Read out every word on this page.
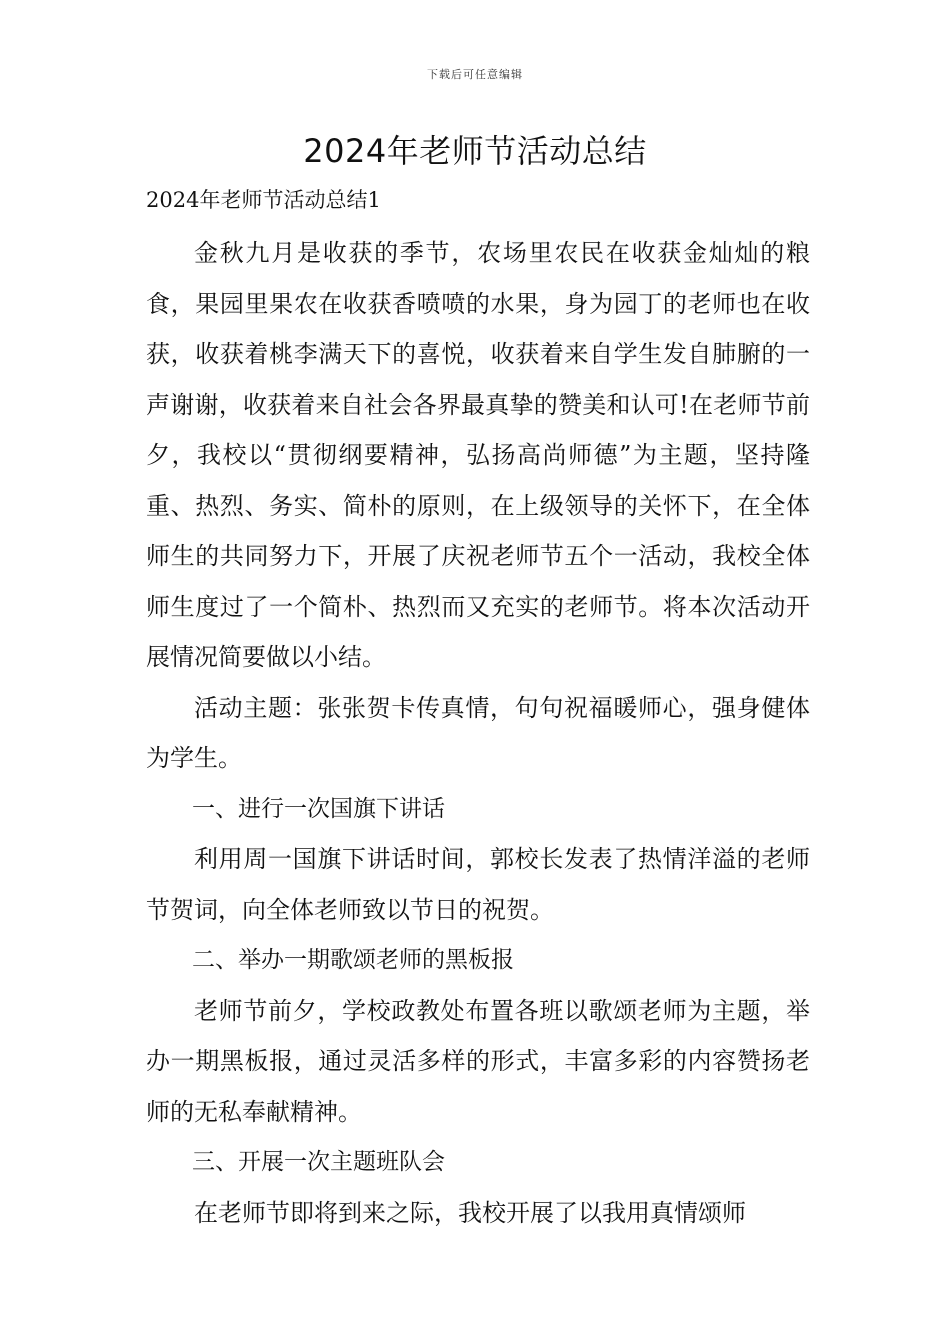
下载后可任意编辑
2024年老师节活动总结
2024年老师节活动总结1

金秋九月是收获的季节，农场里农民在收获金灿灿的粮食，果园里果农在收获香喷喷的水果，身为园丁的老师也在收获，收获着桃李满天下的喜悦，收获着来自学生发自肺腑的一声谢谢，收获着来自社会各界最真挚的赞美和认可!在老师节前夕，我校以“贯彻纲要精神，弘扬高尚师德”为主题，坚持隆重、热烈、务实、简朴的原则，在上级领导的关怀下，在全体师生的共同努力下，开展了庆祝老师节五个一活动，我校全体师生度过了一个简朴、热烈而又充实的老师节。将本次活动开展情况简要做以小结。

活动主题：张张贺卡传真情，句句祝福暖师心，强身健体为学生。

一、进行一次国旗下讲话

利用周一国旗下讲话时间，郭校长发表了热情洋溢的老师节贺词，向全体老师致以节日的祝贺。

二、举办一期歌颂老师的黑板报

老师节前夕，学校政教处布置各班以歌颂老师为主题，举办一期黑板报，通过灵活多样的形式，丰富多彩的内容赞扬老师的无私奉献精神。

三、开展一次主题班队会

在老师节即将到来之际，我校开展了以我用真情颂师
